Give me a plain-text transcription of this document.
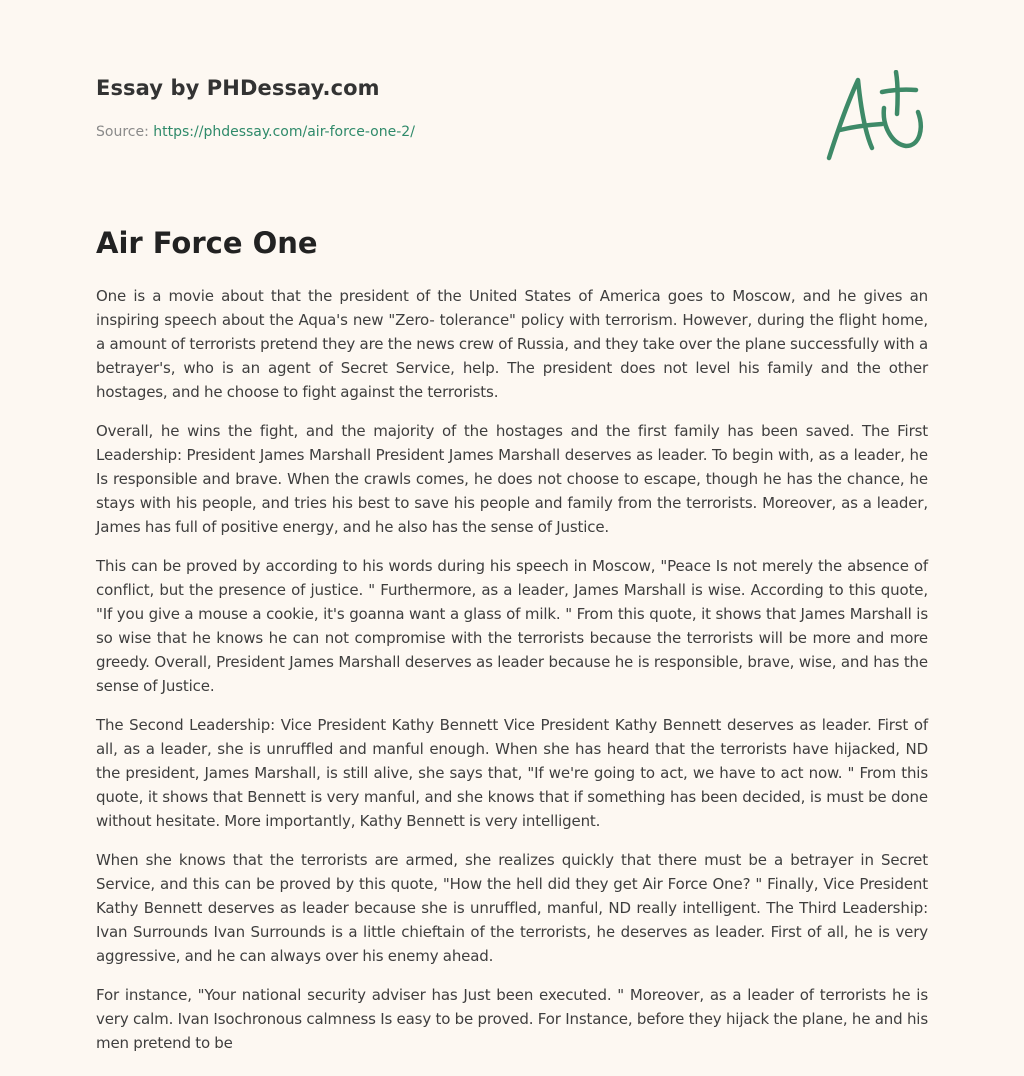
Essay by PHDessay.com
Source: https://phdessay.com/air-force-one-2/
Air Force One

One is a movie about that the president of the United States of America goes to Moscow, and he gives an inspiring speech about the Aqua's new "Zero- tolerance" policy with terrorism. However, during the flight home, a amount of terrorists pretend they are the news crew of Russia, and they take over the plane successfully with a betrayer's, who is an agent of Secret Service, help. The president does not level his family and the other hostages, and he choose to fight against the terrorists.

Overall, he wins the fight, and the majority of the hostages and the first family has been saved. The First Leadership: President James Marshall President James Marshall deserves as leader. To begin with, as a leader, he Is responsible and brave. When the crawls comes, he does not choose to escape, though he has the chance, he stays with his people, and tries his best to save his people and family from the terrorists. Moreover, as a leader, James has full of positive energy, and he also has the sense of Justice.

This can be proved by according to his words during his speech in Moscow, "Peace Is not merely the absence of conflict, but the presence of justice. " Furthermore, as a leader, James Marshall is wise. According to this quote, "If you give a mouse a cookie, it's goanna want a glass of milk. " From this quote, it shows that James Marshall is so wise that he knows he can not compromise with the terrorists because the terrorists will be more and more greedy. Overall, President James Marshall deserves as leader because he is responsible, brave, wise, and has the sense of Justice.

The Second Leadership: Vice President Kathy Bennett Vice President Kathy Bennett deserves as leader. First of all, as a leader, she is unruffled and manful enough. When she has heard that the terrorists have hijacked, ND the president, James Marshall, is still alive, she says that, "If we're going to act, we have to act now. " From this quote, it shows that Bennett is very manful, and she knows that if something has been decided, is must be done without hesitate. More importantly, Kathy Bennett is very intelligent.

When she knows that the terrorists are armed, she realizes quickly that there must be a betrayer in Secret Service, and this can be proved by this quote, "How the hell did they get Air Force One? " Finally, Vice President Kathy Bennett deserves as leader because she is unruffled, manful, ND really intelligent. The Third Leadership: Ivan Surrounds Ivan Surrounds is a little chieftain of the terrorists, he deserves as leader. First of all, he is very aggressive, and he can always over his enemy ahead.

For instance, "Your national security adviser has Just been executed. " Moreover, as a leader of terrorists he is very calm. Ivan Isochronous calmness Is easy to be proved. For Instance, before they hijack the plane, he and his men pretend to be
